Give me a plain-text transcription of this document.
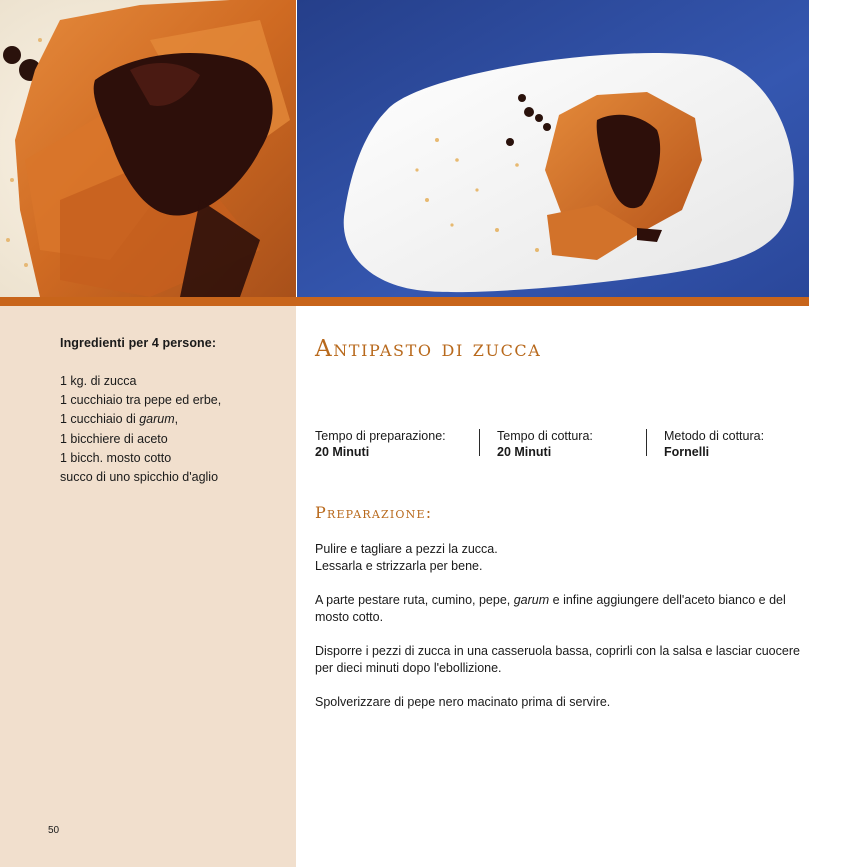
Ingredienti per 4 persone:

1 kg. di zucca
1 cucchiaio tra pepe ed erbe,
1 cucchiaio di garum,
1 bicchiere di aceto
1 bicch. mosto cotto
succo di uno spicchio d'aglio
50
Antipasto di zucca
Tempo di preparazione:
20 Minuti
Tempo di cottura:
20 Minuti
Metodo di cottura:
Fornelli
Preparazione:

Pulire e tagliare a pezzi la zucca.
Lessarla e strizzarla per bene.

A parte pestare ruta, cumino, pepe, garum e infine aggiungere dell'aceto bianco e del mosto cotto.

Disporre i pezzi di zucca in una casseruola bassa, coprirli con la salsa e lasciar cuocere per dieci minuti dopo l'ebollizione.

Spolverizzare di pepe nero macinato prima di servire.
